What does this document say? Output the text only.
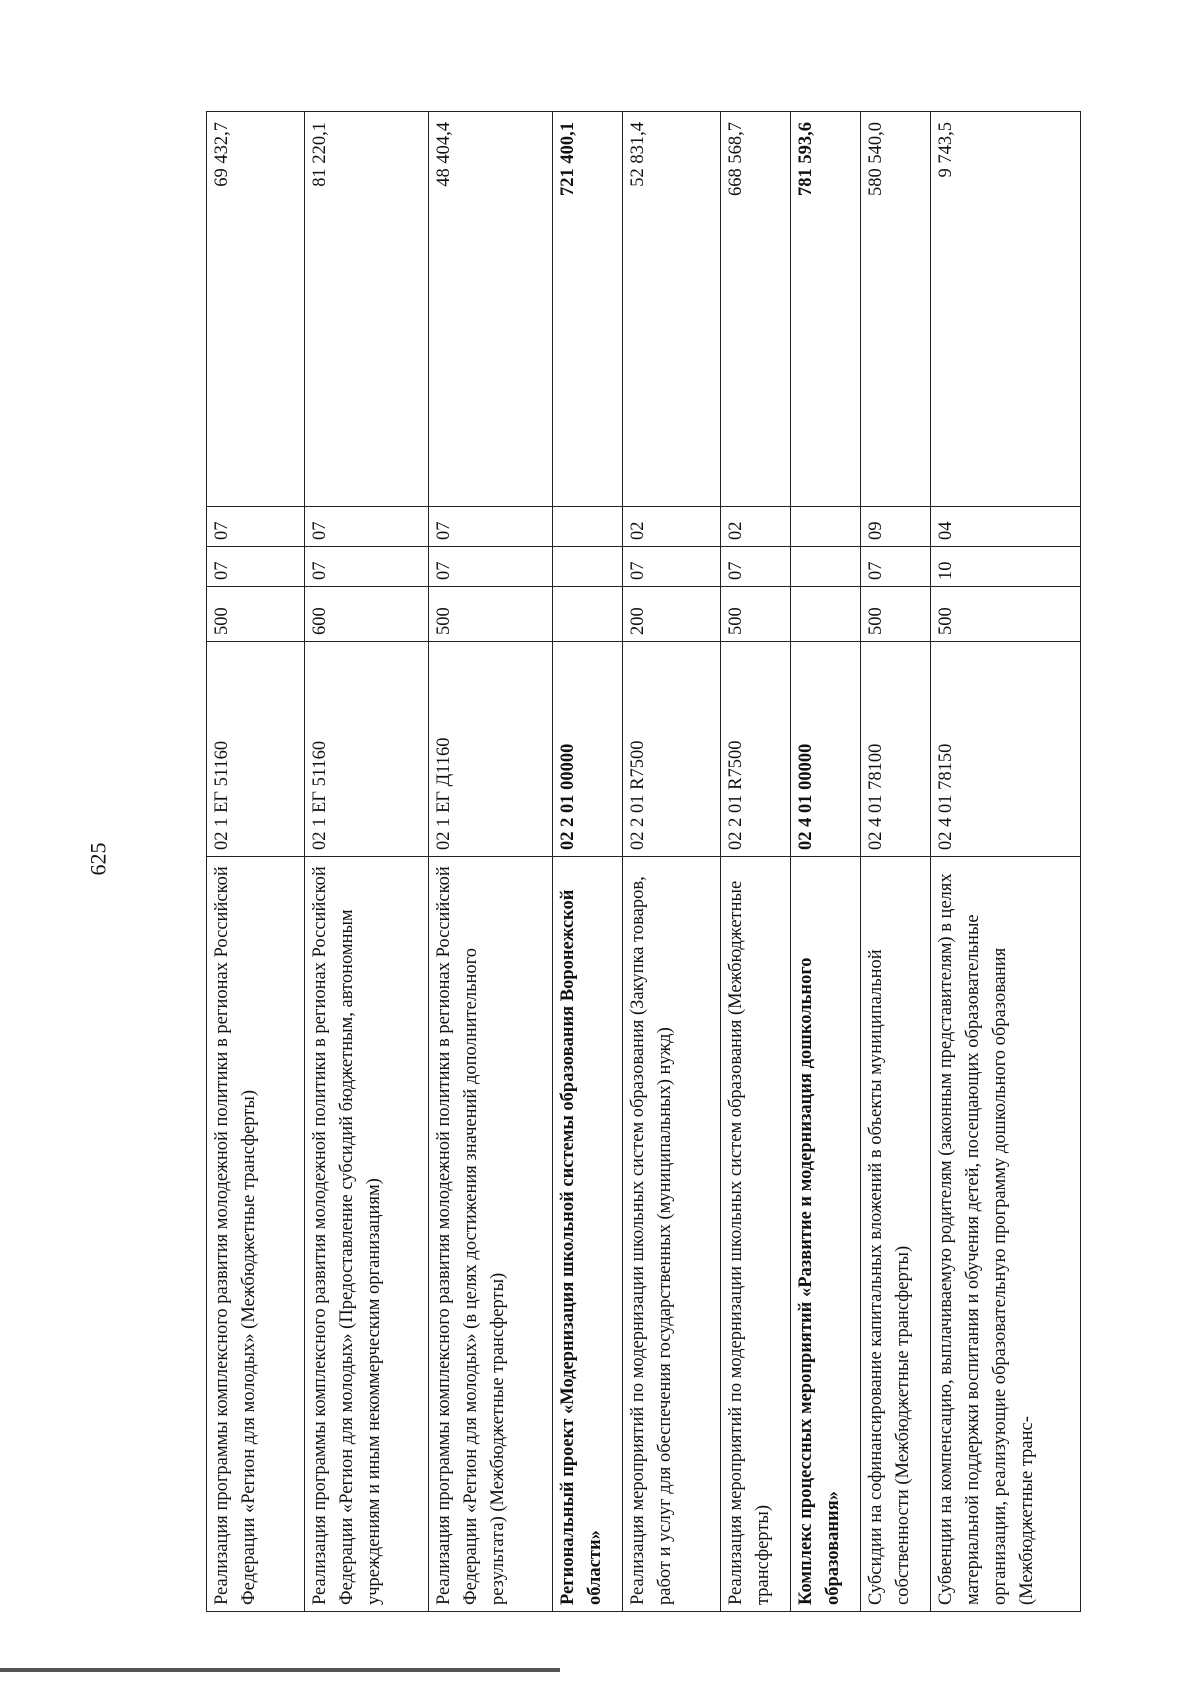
625
Реализация программы комплексного развития молодежной политики в регионах Российской Федерации «Регион для молодых» (Межбюджетные трансферты)	02 1 ЕГ 51160	500	07	07	69 432,7
Реализация программы комплексного развития молодежной политики в регионах Российской Федерации «Регион для молодых» (Предоставление субсидий бюджетным, автономным учреждениям и иным некоммерческим организациям)	02 1 ЕГ 51160	600	07	07	81 220,1
Реализация программы комплексного развития молодежной политики в регионах Российской Федерации «Регион для молодых» (в целях достижения значений дополнительного результата) (Межбюджетные трансферты)	02 1 ЕГ Д1160	500	07	07	48 404,4
Региональный проект «Модернизация школьной системы образования Воронежской области»	02 2 01 00000				721 400,1
Реализация мероприятий по модернизации школьных систем образования (Закупка товаров, работ и услуг для обеспечения государственных (муниципальных) нужд)	02 2 01 R7500	200	07	02	52 831,4
Реализация мероприятий по модернизации школьных систем образования (Межбюджетные трансферты)	02 2 01 R7500	500	07	02	668 568,7
Комплекс процессных мероприятий «Развитие и модернизация дошкольного образования»	02 4 01 00000				781 593,6
Субсидии на софинансирование капитальных вложений в объекты муниципальной собственности (Межбюджетные трансферты)	02 4 01 78100	500	07	09	580 540,0
Субвенции на компенсацию, выплачиваемую родителям (законным представителям) в целях материальной поддержки воспитания и обучения детей, посещающих образовательные организации, реализующие образовательную программу дошкольного образования (Межбюджетные транс-	02 4 01 78150	500	10	04	9 743,5
